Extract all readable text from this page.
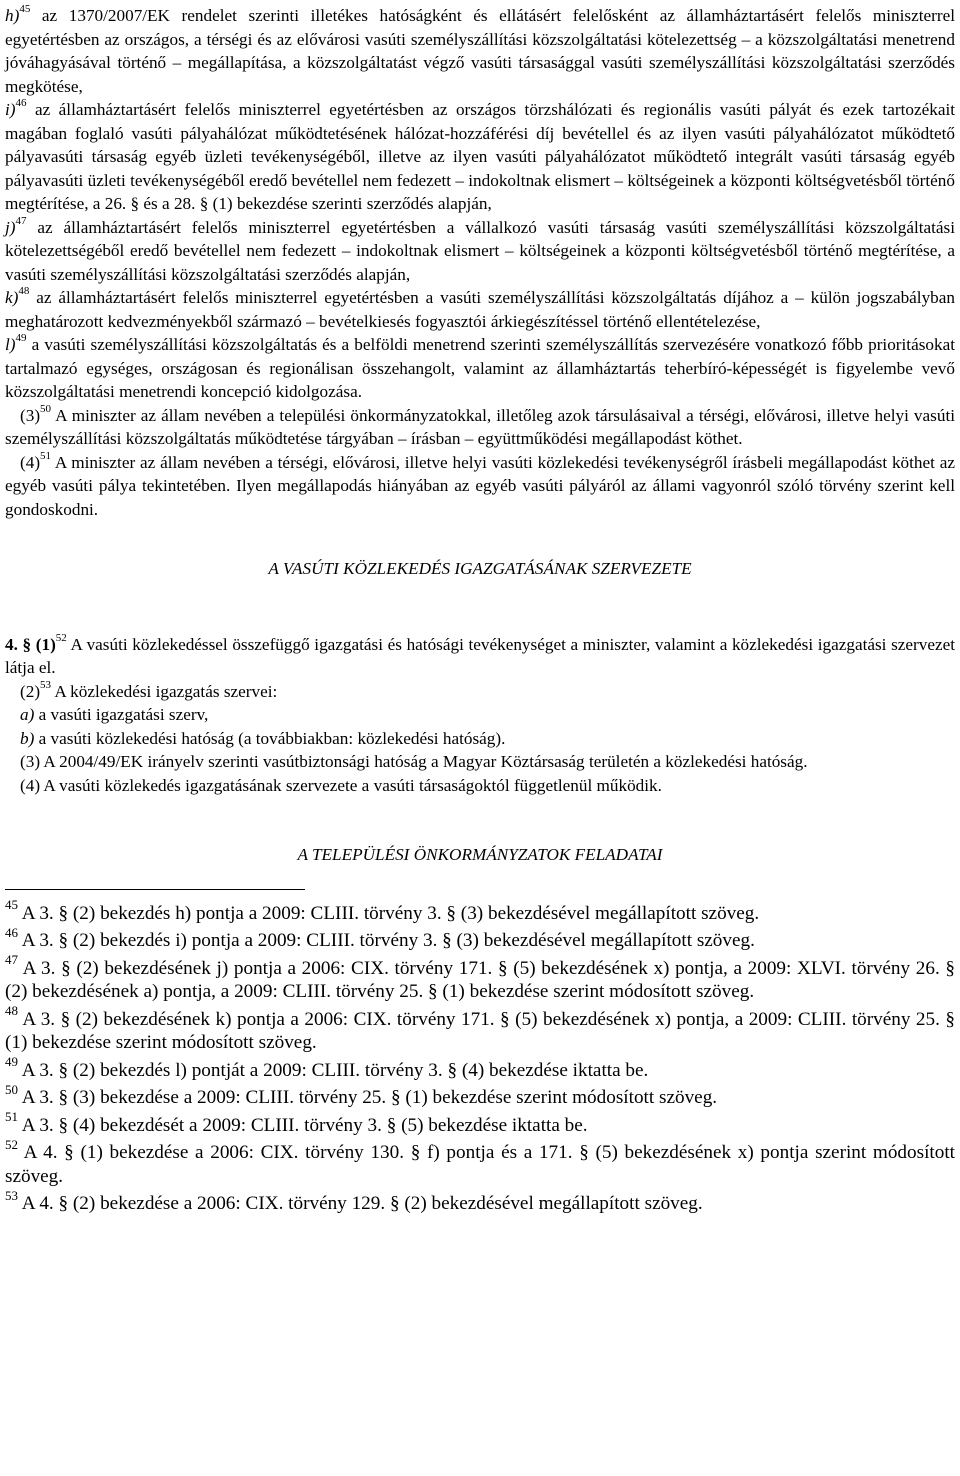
h)$^{45}$ az 1370/2007/EK rendelet szerinti illetékes hatóságként és ellátásért felelősként az államháztartásért felelős miniszterrel egyetértésben az országos, a térségi és az elővárosi vasúti személyszállítási közszolgáltatási kötelezettség – a közszolgáltatási menetrend jóváhagyásával történő – megállapítása, a közszolgáltatást végző vasúti társasággal vasúti személyszállítási közszolgáltatási szerződés megkötése,

i)$^{46}$ az államháztartásért felelős miniszterrel egyetértésben az országos törzshálózati és regionális vasúti pályát és ezek tartozékait magában foglaló vasúti pályahálózat működtetésének hálózat-hozzáférési díj bevétellel és az ilyen vasúti pályahálózatot működtető pályavasúti társaság egyéb üzleti tevékenységéből, illetve az ilyen vasúti pályahálózatot működtető integrált vasúti társaság egyéb pályavasúti üzleti tevékenységéből eredő bevétellel nem fedezett – indokoltnak elismert – költségeinek a központi költségvetésből történő megtérítése, a 26. § és a 28. § (1) bekezdése szerinti szerződés alapján,

j)$^{47}$ az államháztartásért felelős miniszterrel egyetértésben a vállalkozó vasúti társaság vasúti személyszállítási közszolgáltatási kötelezettségéből eredő bevétellel nem fedezett – indokoltnak elismert – költségeinek a központi költségvetésből történő megtérítése, a vasúti személyszállítási közszolgáltatási szerződés alapján,

k)$^{48}$ az államháztartásért felelős miniszterrel egyetértésben a vasúti személyszállítási közszolgáltatás díjához a – külön jogszabályban meghatározott kedvezményekből származó – bevételkiesés fogyasztói árkiegészítéssel történő ellentételezése,

l)$^{49}$ a vasúti személyszállítási közszolgáltatás és a belföldi menetrend szerinti személyszállítás szervezésére vonatkozó főbb prioritásokat tartalmazó egységes, országosan és regionálisan összehangolt, valamint az államháztartás teherbíró-képességét is figyelembe vevő közszolgáltatási menetrendi koncepció kidolgozása.

$(3)^{50}$ A miniszter az állam nevében a települési önkormányzatokkal, illetőleg azok társulásaival a térségi, elővárosi, illetve helyi vasúti személyszállítási közszolgáltatás működtetése tárgyában – írásban – együttműködési megállapodást köthet.

$(4)^{51}$ A miniszter az állam nevében a térségi, elővárosi, illetve helyi vasúti közlekedési tevékenységről írásbeli megállapodást köthet az egyéb vasúti pálya tekintetében. Ilyen megállapodás hiányában az egyéb vasúti pályáról az állami vagyonról szóló törvény szerint kell gondoskodni.

A VASÚTI KÖZLEKEDÉS IGAZGATÁSÁNAK SZERVEZETE

4. § $(1)^{52}$ A vasúti közlekedéssel összefüggő igazgatási és hatósági tevékenységet a miniszter, valamint a közlekedési igazgatási szervezet látja el.

$(2)^{53}$ A közlekedési igazgatás szervei:

a) a vasúti igazgatási szerv,

b) a vasúti közlekedési hatóság (a továbbiakban: közlekedési hatóság).

(3) A 2004/49/EK irányelv szerinti vasútbiztonsági hatóság a Magyar Köztársaság területén a közlekedési hatóság.

(4) A vasúti közlekedés igazgatásának szervezete a vasúti társaságoktól függetlenül működik.

A TELEPÜLÉSI ÖNKORMÁNYZATOK FELADATAI

$^{45}$ A 3. § (2) bekezdés h) pontja a 2009: CLIII. törvény 3. § (3) bekezdésével megállapított szöveg.

$^{46}$ A 3. § (2) bekezdés i) pontja a 2009: CLIII. törvény 3. § (3) bekezdésével megállapított szöveg.

$^{47}$ A 3. § (2) bekezdésének j) pontja a 2006: CIX. törvény 171. § (5) bekezdésének x) pontja, a 2009: XLVI. törvény 26. § (2) bekezdésének a) pontja, a 2009: CLIII. törvény 25. § (1) bekezdése szerint módosított szöveg.

$^{48}$ A 3. § (2) bekezdésének k) pontja a 2006: CIX. törvény 171. § (5) bekezdésének x) pontja, a 2009: CLIII. törvény 25. § (1) bekezdése szerint módosított szöveg.

$^{49}$ A 3. § (2) bekezdés l) pontját a 2009: CLIII. törvény 3. § (4) bekezdése iktatta be.

$^{50}$ A 3. § (3) bekezdése a 2009: CLIII. törvény 25. § (1) bekezdése szerint módosított szöveg.

$^{51}$ A 3. § (4) bekezdését a 2009: CLIII. törvény 3. § (5) bekezdése iktatta be.

$^{52}$ A 4. § (1) bekezdése a 2006: CIX. törvény 130. § f) pontja és a 171. § (5) bekezdésének x) pontja szerint módosított szöveg.

$^{53}$ A 4. § (2) bekezdése a 2006: CIX. törvény 129. § (2) bekezdésével megállapított szöveg.
